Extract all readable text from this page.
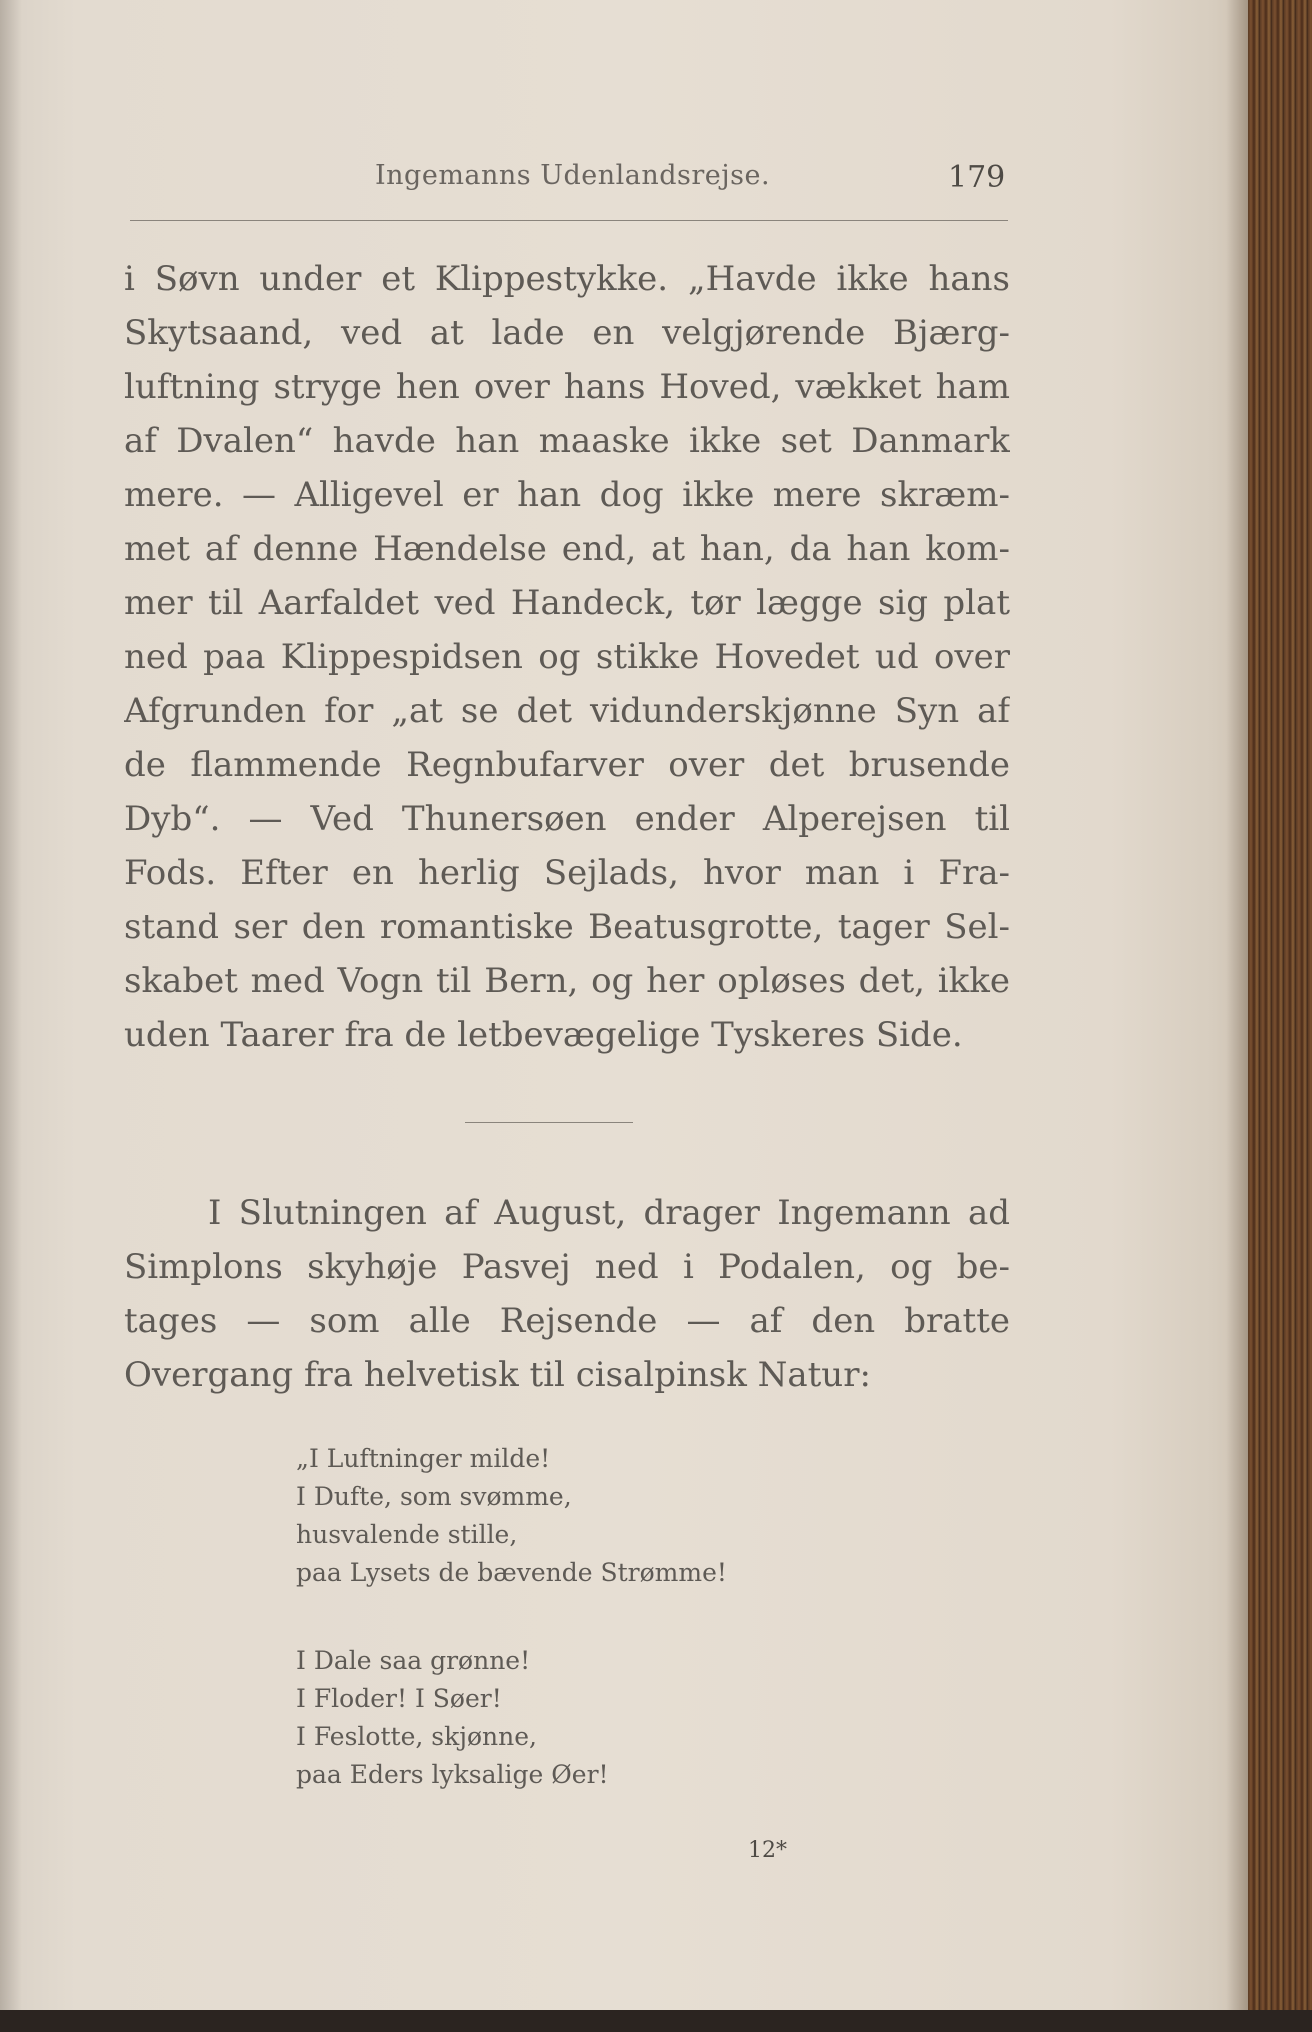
Ingemanns Udenlandsrejse.	179
i Søvn under et Klippestykke. „Havde ikke hans
Skytsaand, ved at lade en velgjørende Bjærg-
luftning stryge hen over hans Hoved, vækket ham
af Dvalen“ havde han maaske ikke set Danmark
mere. — Alligevel er han dog ikke mere skræm-
met af denne Hændelse end, at han, da han kom-
mer til Aarfaldet ved Handeck, tør lægge sig plat
ned paa Klippespidsen og stikke Hovedet ud over
Afgrunden for „at se det vidunderskjønne Syn af
de flammende Regnbufarver over det brusende
Dyb“. — Ved Thunersøen ender Alperejsen til
Fods. Efter en herlig Sejlads, hvor man i Fra-
stand ser den romantiske Beatusgrotte, tager Sel-
skabet med Vogn til Bern, og her opløses det, ikke
uden Taarer fra de letbevægelige Tyskeres Side.
I Slutningen af August, drager Ingemann ad
Simplons skyhøje Pasvej ned i Podalen, og be-
tages — som alle Rejsende — af den bratte
Overgang fra helvetisk til cisalpinsk Natur:
„I Luftninger milde!
I Dufte, som svømme,
husvalende stille,
paa Lysets de bævende Strømme!
I Dale saa grønne!
I Floder! I Søer!
I Feslotte, skjønne,
paa Eders lyksalige Øer!
12*
